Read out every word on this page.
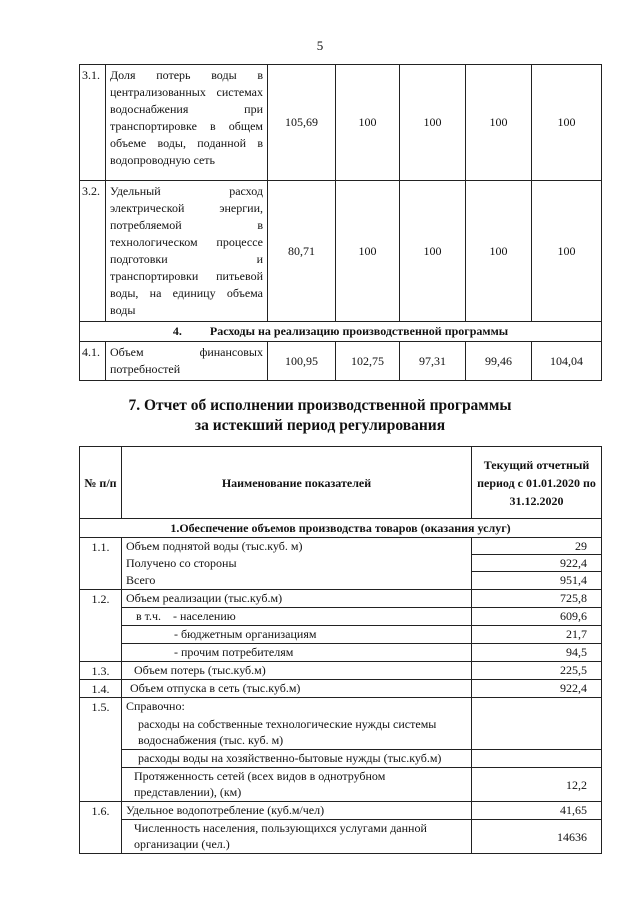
5
3.1.	Доля потерь воды в централизованных системах водоснабжения при транспортировке в общем объеме воды, поданной в водопроводную сеть	105,69	100	100	100	100
3.2.	Удельный расход электрической энергии, потребляемой в технологическом процессе подготовки и транспортировки питьевой воды, на единицу объема воды	80,71	100	100	100	100
4. Расходы на реализацию производственной программы						
4.1.	Объем финансовых потребностей	100,95	102,75	97,31	99,46	104,04
7. Отчет об исполнении производственной программы
за истекший период регулирования
№ п/п	Наименование показателей	Текущий отчетный период с 01.01.2020 по 31.12.2020
1.Обеспечение объемов производства товаров (оказания услуг)		
1.1.	Объем поднятой воды (тыс.куб. м)	29
	Получено со стороны	922,4
	Всего	951,4
1.2.	Объем реализации (тыс.куб.м)	725,8
	в т.ч.    - населению	609,6
	- бюджетным организациям	21,7
	- прочим потребителям	94,5
1.3.	Объем потерь (тыс.куб.м)	225,5
1.4.	Объем отпуска в сеть (тыс.куб.м)	922,4
1.5.	Справочно:	
	расходы на собственные технологические нужды системы водоснабжения (тыс. куб. м)	
	расходы воды на хозяйственно-бытовые нужды (тыс.куб.м)	
	Протяженность сетей (всех видов в однотрубном представлении), (км)	12,2
1.6.	Удельное водопотребление (куб.м/чел)	41,65
	Численность населения, пользующихся услугами данной организации (чел.)	14636
